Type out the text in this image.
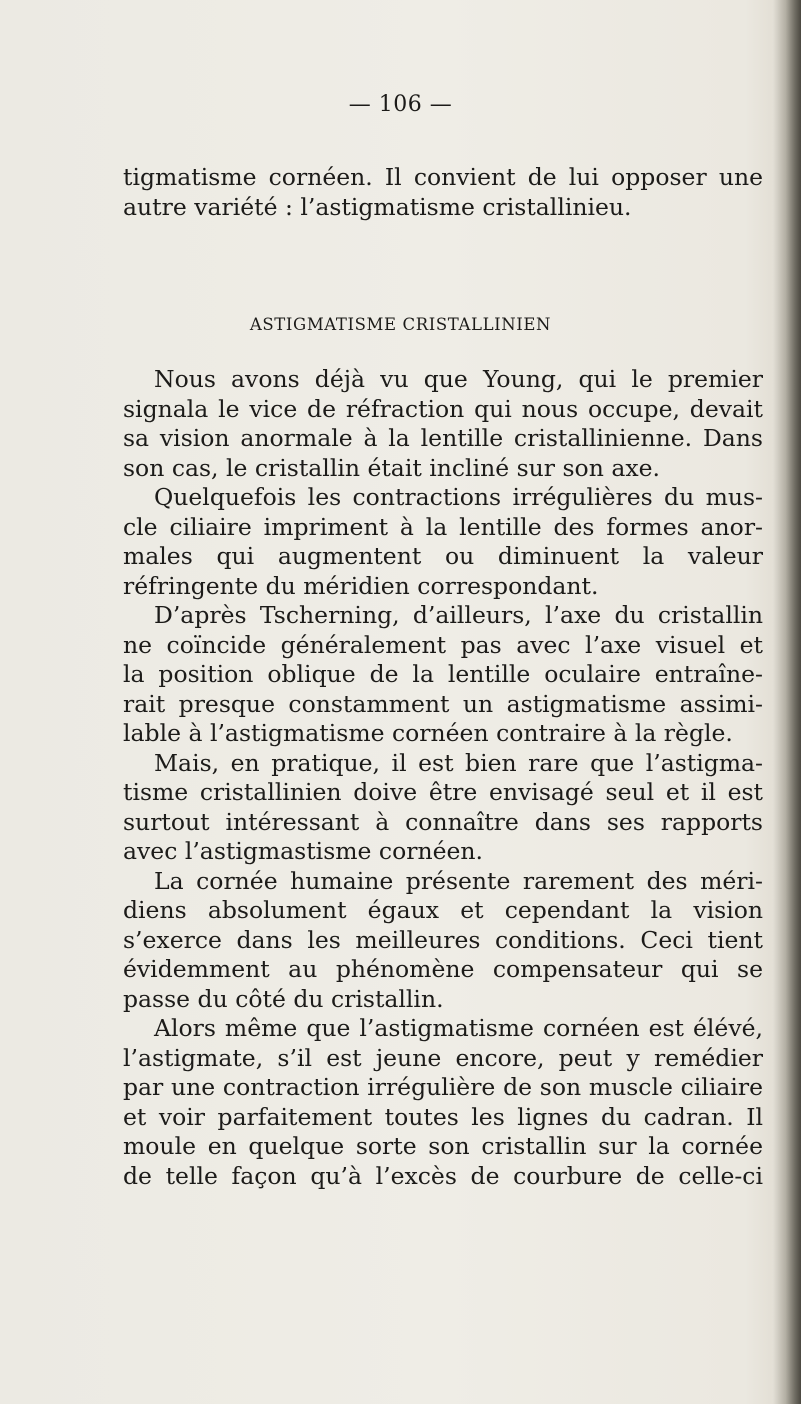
— 106 —
tigmatisme cornéen. Il convient de lui opposer une
autre variété : l’astigmatisme cristallinieu.
ASTIGMATISME CRISTALLINIEN
Nous avons déjà vu que Young, qui le premier
signala le vice de réfraction qui nous occupe, devait
sa vision anormale à la lentille cristallinienne. Dans
son cas, le cristallin était incliné sur son axe.
Quelquefois les contractions irrégulières du mus-
cle ciliaire impriment à la lentille des formes anor-
males qui augmentent ou diminuent la valeur
réfringente du méridien correspondant.
D’après Tscherning, d’ailleurs, l’axe du cristallin
ne coïncide généralement pas avec l’axe visuel et
la position oblique de la lentille oculaire entraîne-
rait presque constamment un astigmatisme assimi-
lable à l’astigmatisme cornéen contraire à la règle.
Mais, en pratique, il est bien rare que l’astigma-
tisme cristallinien doive être envisagé seul et il est
surtout intéressant à connaître dans ses rapports
avec l’astigmastisme cornéen.
La cornée humaine présente rarement des méri-
diens absolument égaux et cependant la vision
s’exerce dans les meilleures conditions. Ceci tient
évidemment au phénomène compensateur qui se
passe du côté du cristallin.
Alors même que l’astigmatisme cornéen est élévé,
l’astigmate, s’il est jeune encore, peut y remédier
par une contraction irrégulière de son muscle ciliaire
et voir parfaitement toutes les lignes du cadran. Il
moule en quelque sorte son cristallin sur la cornée
de telle façon qu’à l’excès de courbure de celle-ci
